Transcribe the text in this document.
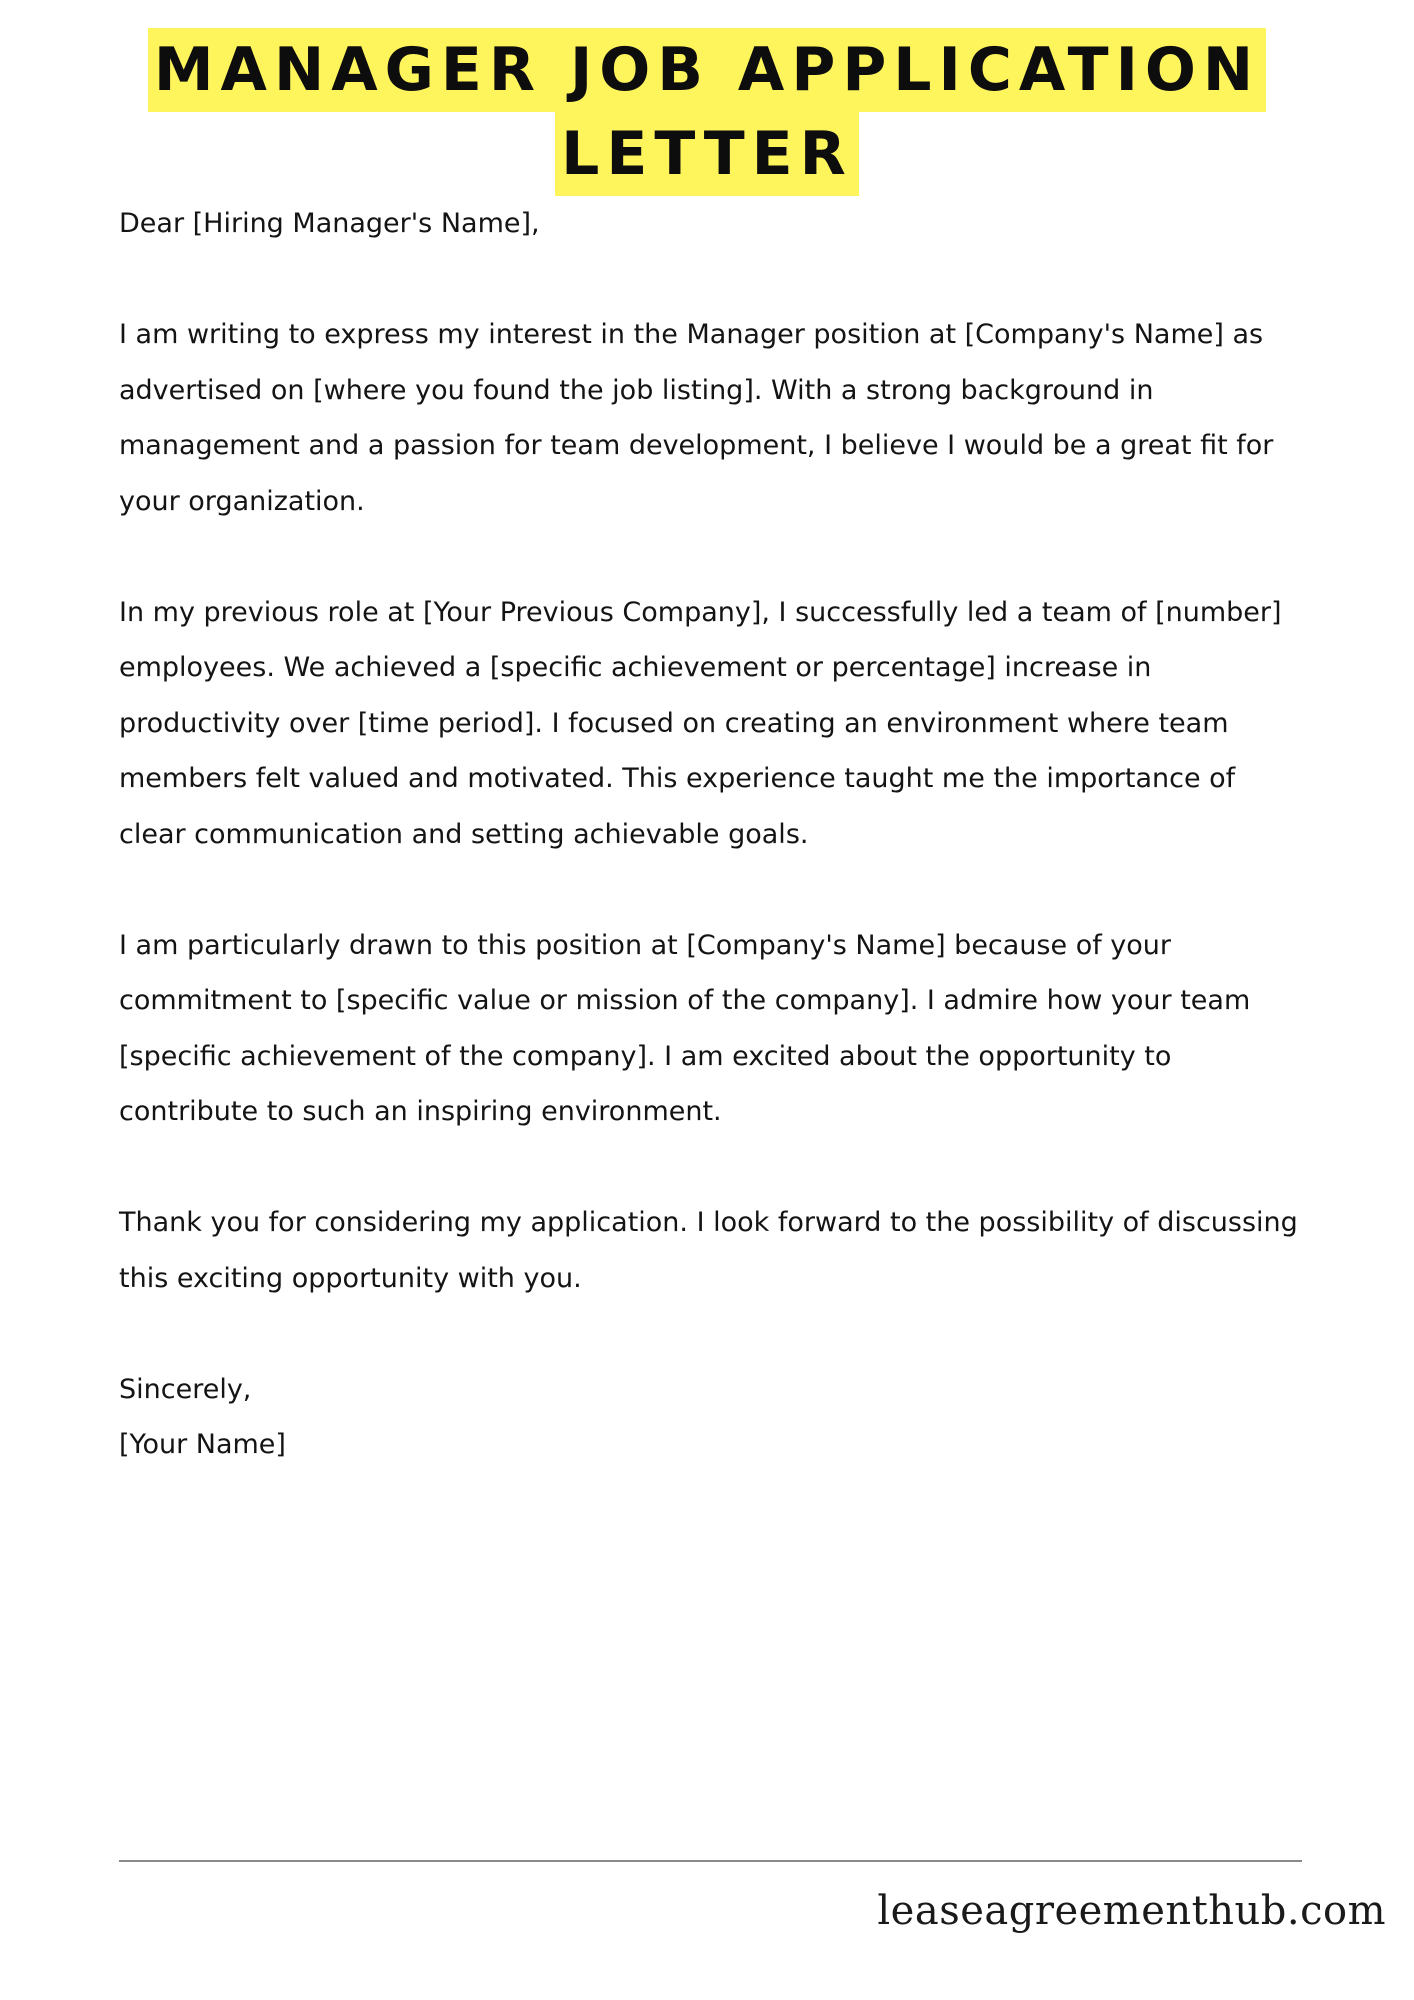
MANAGER JOB APPLICATION
LETTER

Dear [Hiring Manager's Name],

I am writing to express my interest in the Manager position at [Company's Name] as advertised on [where you found the job listing]. With a strong background in management and a passion for team development, I believe I would be a great fit for your organization.

In my previous role at [Your Previous Company], I successfully led a team of [number] employees. We achieved a [specific achievement or percentage] increase in productivity over [time period]. I focused on creating an environment where team members felt valued and motivated. This experience taught me the importance of clear communication and setting achievable goals.

I am particularly drawn to this position at [Company's Name] because of your commitment to [specific value or mission of the company]. I admire how your team [specific achievement of the company]. I am excited about the opportunity to contribute to such an inspiring environment.

Thank you for considering my application. I look forward to the possibility of discussing this exciting opportunity with you.

Sincerely,

[Your Name]

leaseagreementhub.com
